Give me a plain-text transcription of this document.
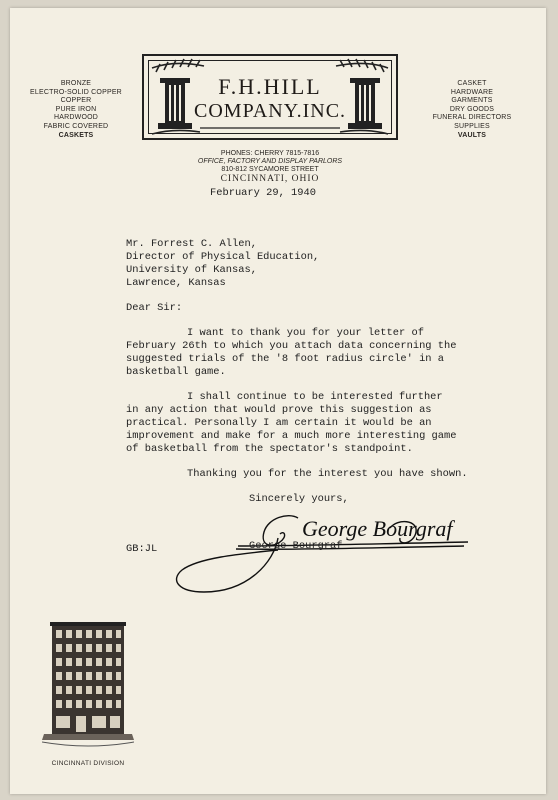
BRONZE
ELECTRO-SOLID COPPER
COPPER
PURE IRON
HARDWOOD
FABRIC COVERED
CASKETS
CASKET
HARDWARE
GARMENTS
DRY GOODS
FUNERAL DIRECTORS
SUPPLIES
VAULTS
F.H.HILL
COMPANY.INC.
PHONES: CHERRY 7815-7816
OFFICE, FACTORY AND DISPLAY PARLORS
810-812 SYCAMORE STREET
CINCINNATI, OHIO
February 29, 1940
Mr. Forrest C. Allen,
Director of Physical Education,
University of Kansas,
Lawrence, Kansas
Dear Sir:
I want to thank you for your letter of
February 26th to which you attach data concerning the
suggested trials of the '8 foot radius circle' in a
basketball game.
I shall continue to be interested further
in any action that would prove this suggestion as
practical. Personally I am certain it would be an
improvement and make for a much more interesting game
of basketball from the spectator's standpoint.
Thanking you for the interest you have shown.
Sincerely yours,
George Bourgraf
George Bourgraf
GB:JL
CINCINNATI DIVISION
